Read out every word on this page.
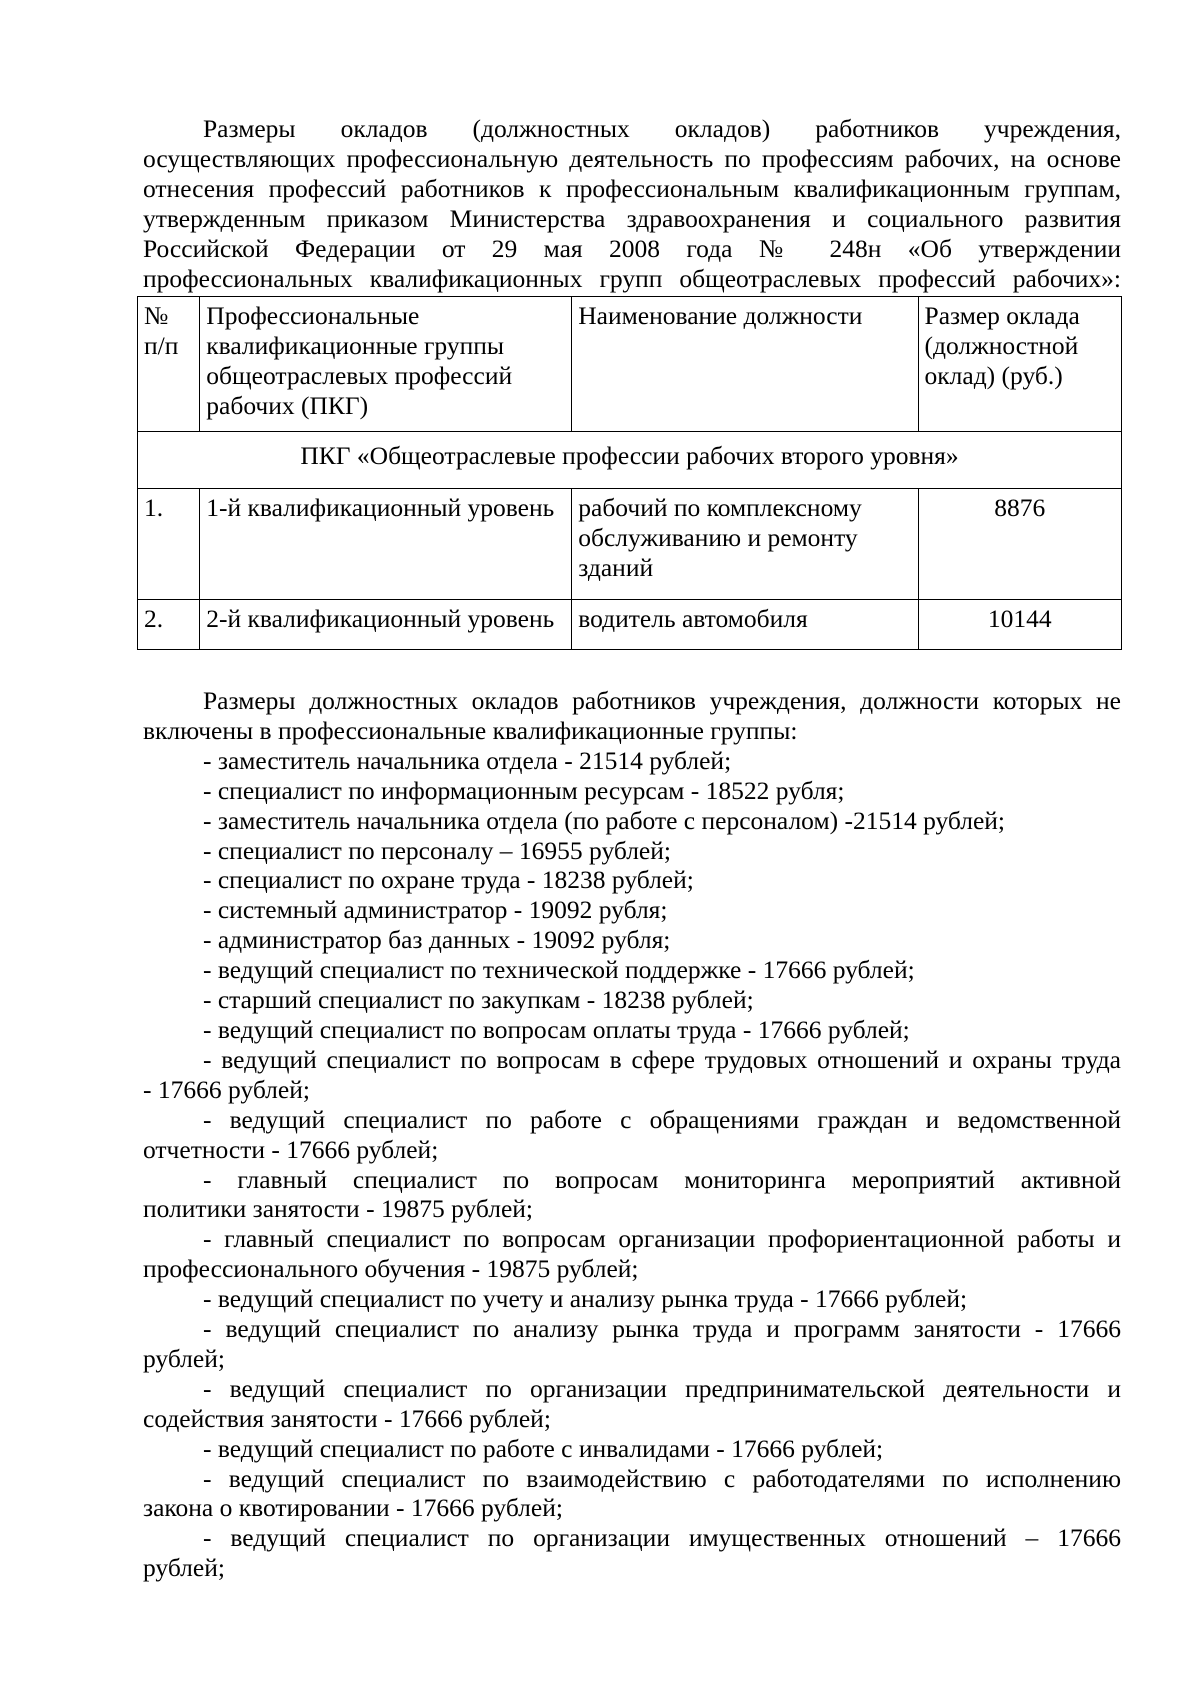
Размеры окладов (должностных окладов) работников учреждения,
осуществляющих профессиональную деятельность по профессиям рабочих, на основе
отнесения профессий работников к профессиональным квалификационным группам,
утвержденным приказом Министерства здравоохранения и социального развития
Российской Федерации от 29 мая 2008 года № 248н «Об утверждении
профессиональных квалификационных групп общеотраслевых профессий рабочих»:
№ п/п	Профессиональные квалификационные группы общеотраслевых профессий рабочих (ПКГ)	Наименование должности	Размер оклада (должностной оклад) (руб.)
ПКГ «Общеотраслевые профессии рабочих второго уровня»			
1.	1-й квалификационный уровень	рабочий по комплексному обслуживанию и ремонту зданий	8876
2.	2-й квалификационный уровень	водитель автомобиля	10144
Размеры должностных окладов работников учреждения, должности которых не
включены в профессиональные квалификационные группы:
- заместитель начальника отдела - 21514 рублей;
- специалист по информационным ресурсам - 18522 рубля;
- заместитель начальника отдела (по работе с персоналом) -21514 рублей;
- специалист по персоналу – 16955 рублей;
- специалист по охране труда - 18238 рублей;
- системный администратор - 19092 рубля;
- администратор баз данных - 19092 рубля;
- ведущий специалист по технической поддержке - 17666 рублей;
- старший специалист по закупкам - 18238 рублей;
- ведущий специалист по вопросам оплаты труда - 17666 рублей;
- ведущий специалист по вопросам в сфере трудовых отношений и охраны труда
- 17666 рублей;
- ведущий специалист по работе с обращениями граждан и ведомственной
отчетности - 17666 рублей;
- главный специалист по вопросам мониторинга мероприятий активной
политики занятости - 19875 рублей;
- главный специалист по вопросам организации профориентационной работы и
профессионального обучения - 19875 рублей;
- ведущий специалист по учету и анализу рынка труда - 17666 рублей;
- ведущий специалист по анализу рынка труда и программ занятости - 17666
рублей;
- ведущий специалист по организации предпринимательской деятельности и
содействия занятости - 17666 рублей;
- ведущий специалист по работе с инвалидами - 17666 рублей;
- ведущий специалист по взаимодействию с работодателями по исполнению
закона о квотировании - 17666 рублей;
- ведущий специалист по организации имущественных отношений – 17666
рублей;
